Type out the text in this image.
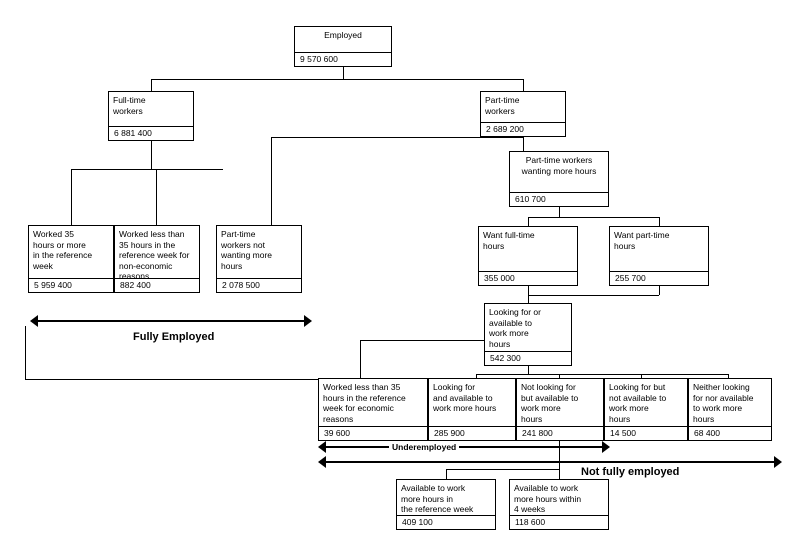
Employed
9 570 600
Full-time
workers
6 881 400
Part-time
workers
2 689 200
Part-time workers
wanting more hours
610 700
Want full-time
hours
355 000
Want part-time
hours
255 700
Worked 35
hours or more
in the reference
week
5 959 400
Worked less than
35 hours in the
reference week for
non-economic
reasons
882 400
Part-time
workers not
wanting more
hours
2 078 500
Looking for or
available to
work more
hours
542 300
Worked less than 35
hours in the reference
week for economic
reasons
39 600
Looking for
and available to
work more hours
285 900
Not looking for
but available to
work more
hours
241 800
Looking for but
not available to
work more
hours
14 500
Neither looking
for nor available
to work more
hours
68 400
Available to work
more hours in
the reference week
409 100
Available to work
more hours within
4 weeks
118 600
Fully Employed
Underemployed
Not fully employed
